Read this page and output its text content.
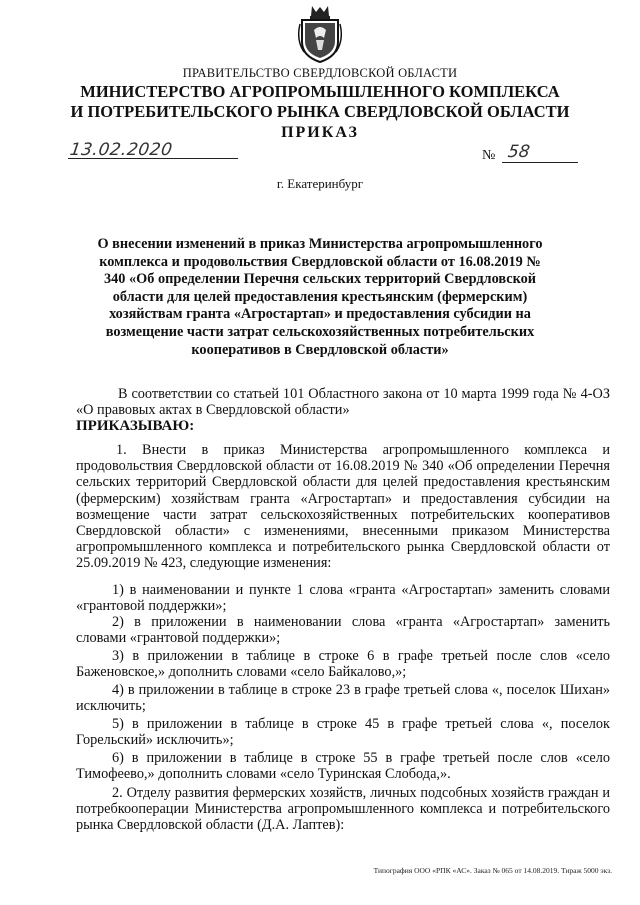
ПРАВИТЕЛЬСТВО СВЕРДЛОВСКОЙ ОБЛАСТИ
МИНИСТЕРСТВО АГРОПРОМЫШЛЕННОГО КОМПЛЕКСА
И ПОТРЕБИТЕЛЬСКОГО РЫНКА СВЕРДЛОВСКОЙ ОБЛАСТИ
ПРИКАЗ
13.02.2020	№ 58
г. Екатеринбург
О внесении изменений в приказ Министерства агропромышленного комплекса и продовольствия Свердловской области от 16.08.2019 № 340 «Об определении Перечня сельских территорий Свердловской области для целей предоставления крестьянским (фермерским) хозяйствам гранта «Агростартап» и предоставления субсидии на возмещение части затрат сельскохозяйственных потребительских кооперативов в Свердловской области»
В соответствии со статьей 101 Областного закона от 10 марта 1999 года № 4-ОЗ «О правовых актах в Свердловской области»
ПРИКАЗЫВАЮ:
1. Внести в приказ Министерства агропромышленного комплекса и продовольствия Свердловской области от 16.08.2019 № 340 «Об определении Перечня сельских территорий Свердловской области для целей предоставления крестьянским (фермерским) хозяйствам гранта «Агростартап» и предоставления субсидии на возмещение части затрат сельскохозяйственных потребительских кооперативов Свердловской области» с изменениями, внесенными приказом Министерства агропромышленного комплекса и потребительского рынка Свердловской области от 25.09.2019 № 423, следующие изменения:
1) в наименовании и пункте 1 слова «гранта «Агростартап» заменить словами «грантовой поддержки»;
2) в приложении в наименовании слова «гранта «Агростартап» заменить словами «грантовой поддержки»;
3) в приложении в таблице в строке 6 в графе третьей после слов «село Баженовское,» дополнить словами «село Байкалово,»;
4) в приложении в таблице в строке 23 в графе третьей слова «, поселок Шихан» исключить;
5) в приложении в таблице в строке 45 в графе третьей слова «, поселок Горельский» исключить»;
6) в приложении в таблице в строке 55 в графе третьей после слов «село Тимофеево,» дополнить словами «село Туринская Слобода,».
2. Отделу развития фермерских хозяйств, личных подсобных хозяйств граждан и потребкооперации Министерства агропромышленного комплекса и потребительского рынка Свердловской области (Д.А. Лаптев):
Типография ООО «РПК «АС». Заказ № 065 от 14.08.2019. Тираж 5000 экз.
